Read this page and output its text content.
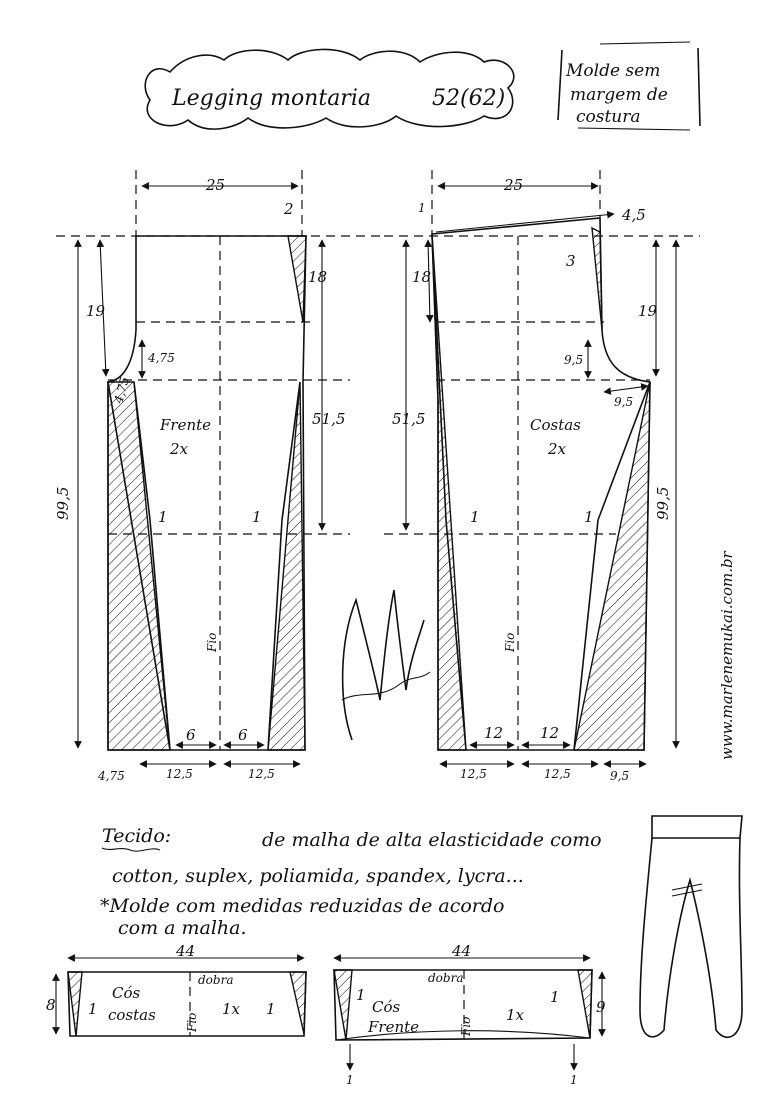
Legging montaria	52(62)
Molde sem
margem de
costura
25
2
19
18
4,75
4,75
51,5
99,5	1	1
6	6
4,75	12,5	12,5
Frente
2x
Fio
25
1	4,5
3
18
19
9,5
9,5
51,5
99,5
1	1
12 12
12,5	12,5	9,5
Costas
2x
Fio	www.marlenemukai.com.br
Tecido:	de malha de alta elasticidade como
cotton, suplex, poliamida, spandex, lycra...
*Molde com medidas reduzidas de acordo
com a malha.
44
dobra
8
Cós
costas	1x
Fio
1	1
44
dobra
9
Cós
Frente
1x
Fio
1	1
1	1
